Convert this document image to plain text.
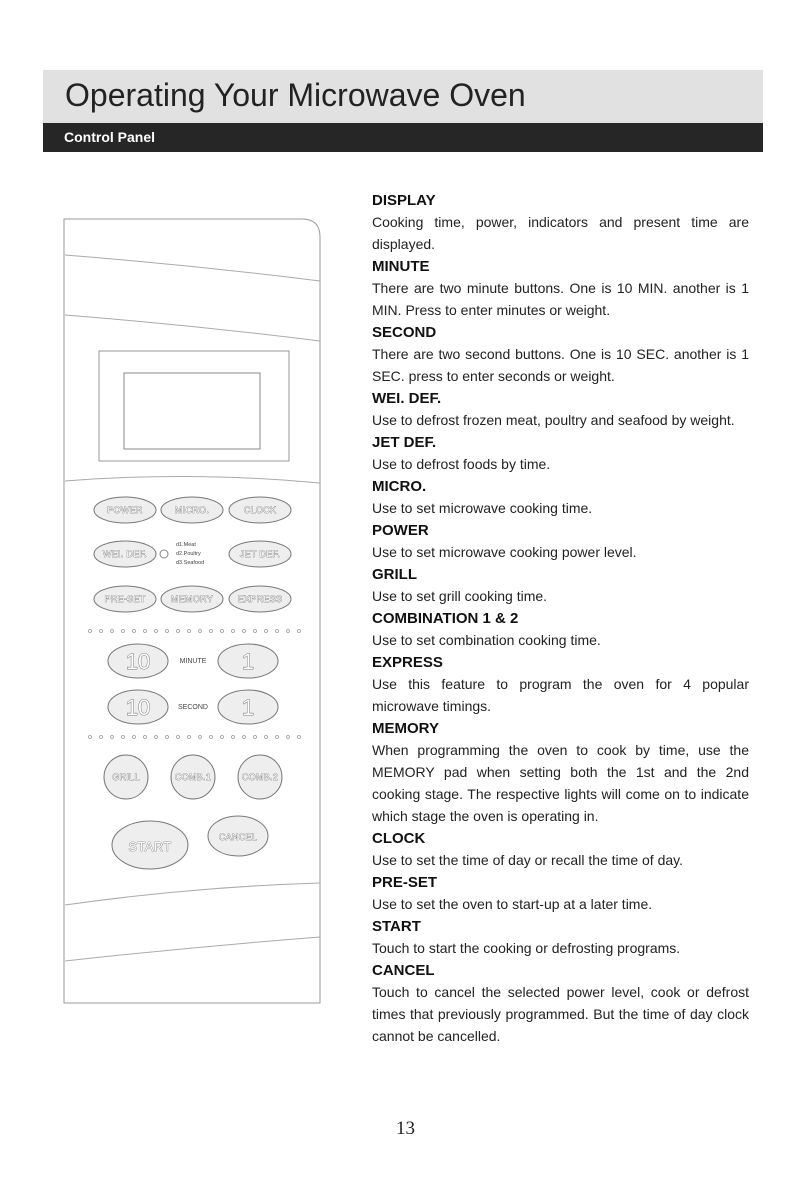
Operating Your Microwave Oven
Control Panel
POWER	MICRO.	CLOCK
WEI. DEF.
d1.Meat
d2.Poultry
d3.Seafood
JET DEF.
PRE-SET	MEMORY	EXPRESS
10	MINUTE 1
10	SECOND 1
GRILL	COMB.1	COMB.2
START
CANCEL
DISPLAY

Cooking time, power, indicators and present time are displayed.

MINUTE

There are two minute buttons. One is 10 MIN. another is 1 MIN. Press to enter minutes or weight.

SECOND

There are two second buttons. One is 10 SEC. another is 1 SEC. press to enter seconds or weight.

WEI. DEF.

Use to defrost frozen meat, poultry and seafood by weight.

JET DEF.

Use to defrost foods by time.

MICRO.

Use to set microwave cooking time.

POWER

Use to set microwave cooking power level.

GRILL

Use to set grill cooking time.

COMBINATION 1 & 2

Use to set combination cooking time.

EXPRESS

Use this feature to program the oven for 4 popular microwave timings.

MEMORY

When programming the oven to cook by time, use the MEMORY pad when setting both the 1st and the 2nd cooking stage. The respective lights will come on to indicate which stage the oven is operating in.

CLOCK

Use to set the time of day or recall the time of day.

PRE-SET

Use to set the oven to start-up at a later time.

START

Touch to start the cooking or defrosting programs.

CANCEL

Touch to cancel the selected power level, cook or defrost times that previously programmed. But the time of day clock cannot be cancelled.

13
